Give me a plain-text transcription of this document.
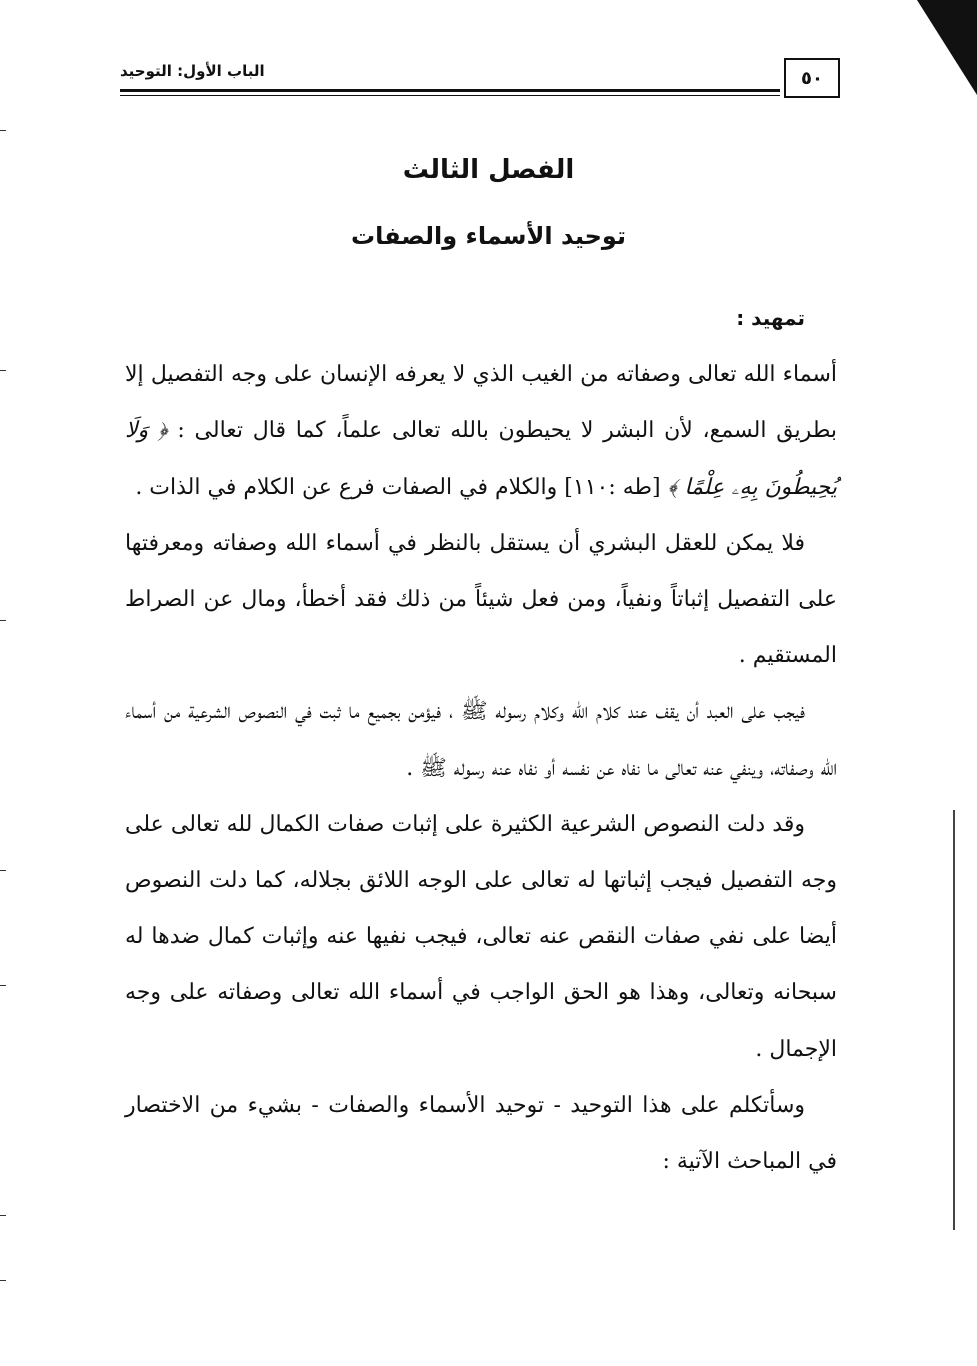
الباب الأول: التوحيد	٥٠
الفصل الثالث
توحيد الأسماء والصفات
تمهيد :

أسماء الله تعالى وصفاته من الغيب الذي لا يعرفه الإنسان على وجه التفصيل إلا بطريق السمع، لأن البشر لا يحيطون بالله تعالى علماً، كما قال تعالى : ﴿ وَلَا يُحِيطُونَ بِهِۦ عِلْمًا ﴾ [طه :١١٠] والكلام في الصفات فرع عن الكلام في الذات .

فلا يمكن للعقل البشري أن يستقل بالنظر في أسماء الله وصفاته ومعرفتها على التفصيل إثباتاً ونفياً، ومن فعل شيئاً من ذلك فقد أخطأ، ومال عن الصراط المستقيم .

فيجب على العبد أن يقف عند كلام الله وكلام رسوله ﷺ ، فيؤمن بجميع ما ثبت في النصوص الشرعية من أسماء الله وصفاته، وينفي عنه تعالى ما نفاه عن نفسه أو نفاه عنه رسوله ﷺ .

وقد دلت النصوص الشرعية الكثيرة على إثبات صفات الكمال لله تعالى على وجه التفصيل فيجب إثباتها له تعالى على الوجه اللائق بجلاله، كما دلت النصوص أيضا على نفي صفات النقص عنه تعالى، فيجب نفيها عنه وإثبات كمال ضدها له سبحانه وتعالى، وهذا هو الحق الواجب في أسماء الله تعالى وصفاته على وجه الإجمال .

وسأتكلم على هذا التوحيد - توحيد الأسماء والصفات - بشيء من الاختصار في المباحث الآتية :
